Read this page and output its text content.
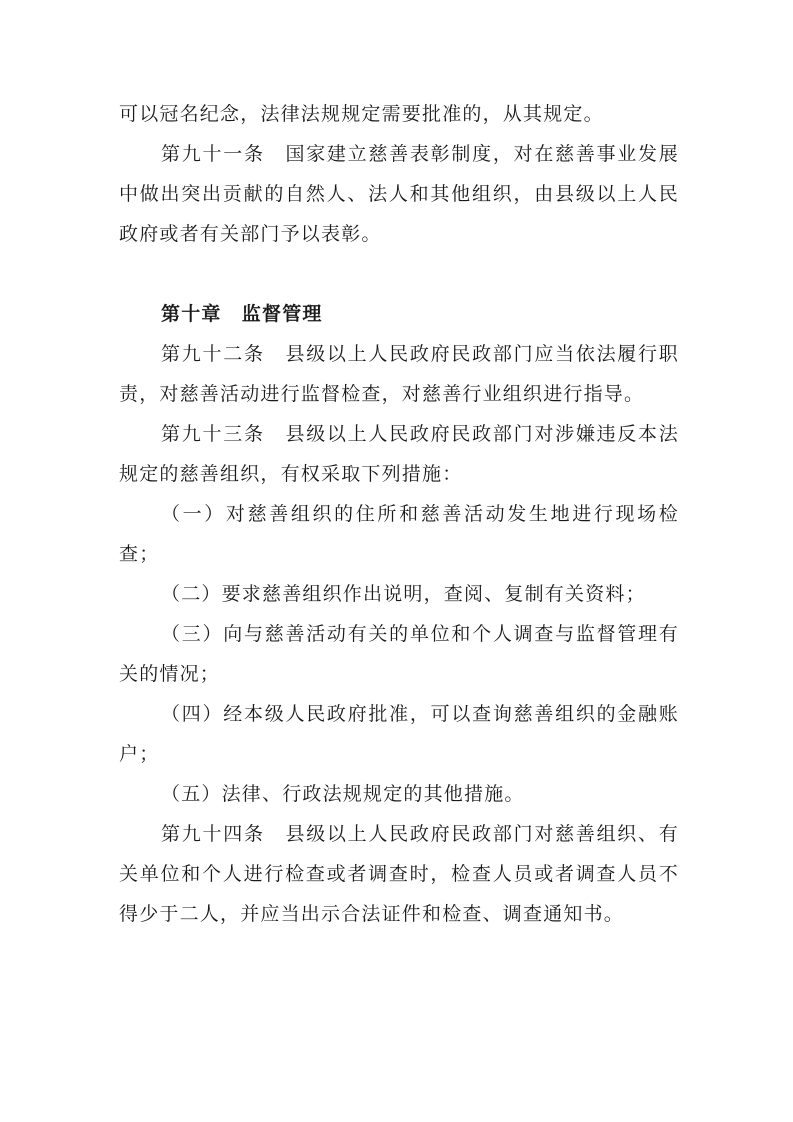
可以冠名纪念，法律法规规定需要批准的，从其规定。

第九十一条　国家建立慈善表彰制度，对在慈善事业发展中做出突出贡献的自然人、法人和其他组织，由县级以上人民政府或者有关部门予以表彰。

第十章　监督管理

第九十二条　县级以上人民政府民政部门应当依法履行职责，对慈善活动进行监督检查，对慈善行业组织进行指导。

第九十三条　县级以上人民政府民政部门对涉嫌违反本法规定的慈善组织，有权采取下列措施：

（一）对慈善组织的住所和慈善活动发生地进行现场检查；

（二）要求慈善组织作出说明，查阅、复制有关资料；

（三）向与慈善活动有关的单位和个人调查与监督管理有关的情况；

（四）经本级人民政府批准，可以查询慈善组织的金融账户；

（五）法律、行政法规规定的其他措施。

第九十四条　县级以上人民政府民政部门对慈善组织、有关单位和个人进行检查或者调查时，检查人员或者调查人员不得少于二人，并应当出示合法证件和检查、调查通知书。
